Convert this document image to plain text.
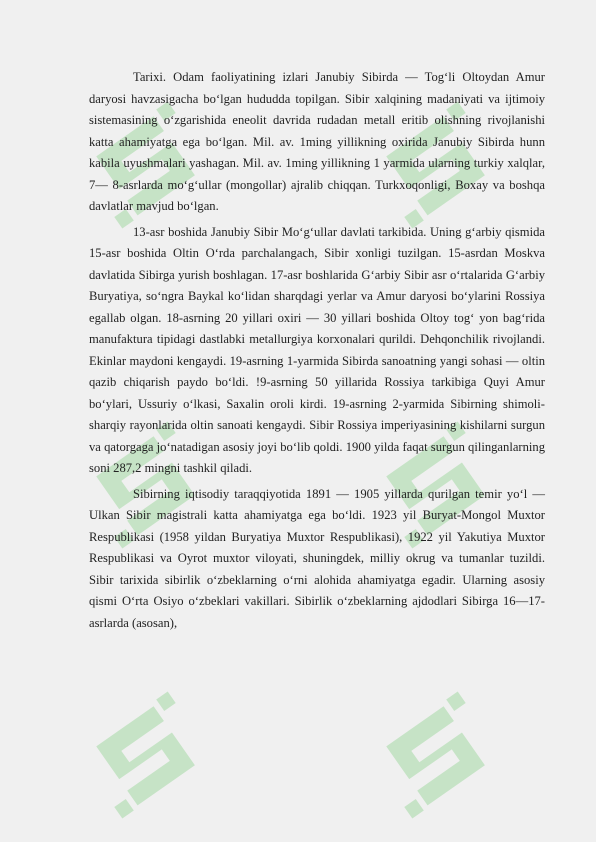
Tarixi. Odam faoliyatining izlari Janubiy Sibirda — Tog‘li Oltoydan Amur daryosi havzasigacha bo‘lgan hududda topilgan. Sibir xalqining madaniyati va ijtimoiy sistemasining o‘zgarishida eneolit davrida rudadan metall eritib olishning rivojlanishi katta ahamiyatga ega bo‘lgan. Mil. av. 1ming yillikning oxirida Janubiy Sibirda hunn kabila uyushmalari yashagan. Mil. av. 1ming yillikning 1 yarmida ularning turkiy xalqlar, 7— 8-asrlarda mo‘g‘ullar (mongollar) ajralib chiqqan. Turkxoqonligi, Boxay va boshqa davlatlar mavjud bo‘lgan.

13-asr boshida Janubiy Sibir Mo‘g‘ullar davlati tarkibida. Uning g‘arbiy qismida 15-asr boshida Oltin O‘rda parchalangach, Sibir xonligi tuzilgan. 15-asrdan Moskva davlatida Sibirga yurish boshlagan. 17-asr boshlarida G‘arbiy Sibir asr o‘rtalarida G‘arbiy Buryatiya, so‘ngra Baykal ko‘lidan sharqdagi yerlar va Amur daryosi bo‘ylarini Rossiya egallab olgan. 18-asrning 20 yillari oxiri — 30 yillari boshida Oltoy tog‘ yon bag‘rida manufaktura tipidagi dastlabki metallurgiya korxonalari qurildi. Dehqonchilik rivojlandi. Ekinlar maydoni kengaydi. 19-asrning 1-yarmida Sibirda sanoatning yangi sohasi — oltin qazib chiqarish paydo bo‘ldi. !9-asrning 50 yillarida Rossiya tarkibiga Quyi Amur bo‘ylari, Ussuriy o‘lkasi, Saxalin oroli kirdi. 19-asrning 2-yarmida Sibirning shimoli-sharqiy rayonlarida oltin sanoati kengaydi. Sibir Rossiya imperiyasining kishilarni surgun va qatorgaga jo‘natadigan asosiy joyi bo‘lib qoldi. 1900 yilda faqat surgun qilinganlarning soni 287,2 mingni tashkil qiladi.

Sibirning iqtisodiy taraqqiyotida 1891 — 1905 yillarda qurilgan temir yo‘l — Ulkan Sibir magistrali katta ahamiyatga ega bo‘ldi. 1923 yil Buryat-Mongol Muxtor Respublikasi (1958 yildan Buryatiya Muxtor Respublikasi), 1922 yil Yakutiya Muxtor Respublikasi va Oyrot muxtor viloyati, shuningdek, milliy okrug va tumanlar tuzildi. Sibir tarixida sibirlik o‘zbeklarning o‘rni alohida ahamiyatga egadir. Ularning asosiy qismi O‘rta Osiyo o‘zbeklari vakillari. Sibirlik o‘zbeklarning ajdodlari Sibirga 16—17-asrlarda (asosan),
